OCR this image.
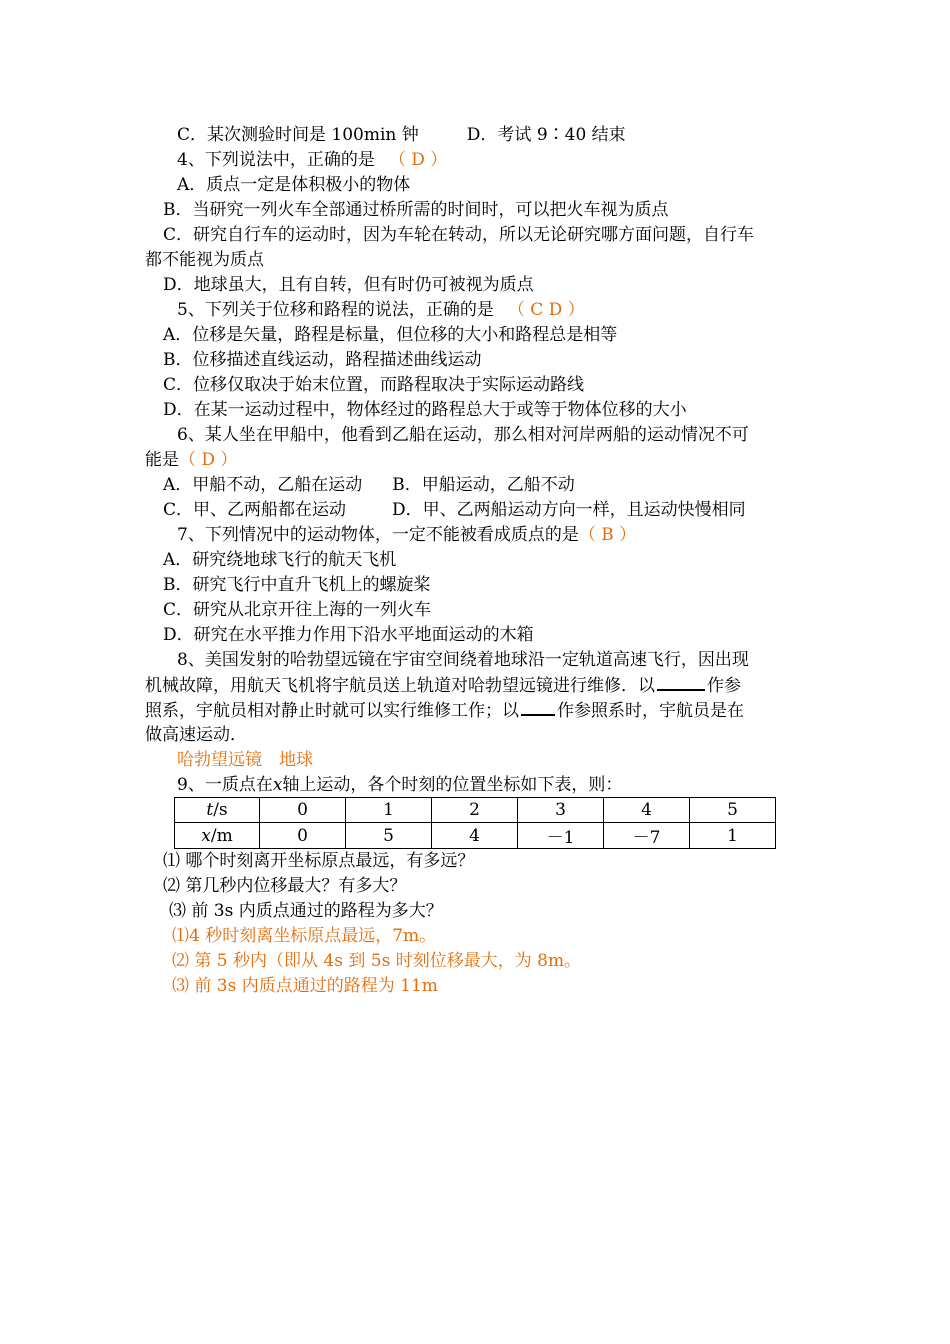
C．某次测验时间是 100min 钟	D．考试 9∶40 结束
4、下列说法中，正确的是 （ D ）
A．质点一定是体积极小的物体
B．当研究一列火车全部通过桥所需的时间时，可以把火车视为质点
C．研究自行车的运动时，因为车轮在转动，所以无论研究哪方面问题，自行车
都不能视为质点
D．地球虽大，且有自转，但有时仍可被视为质点
5、下列关于位移和路程的说法，正确的是 （ C D ）
A．位移是矢量，路程是标量，但位移的大小和路程总是相等
B．位移描述直线运动，路程描述曲线运动
C．位移仅取决于始末位置，而路程取决于实际运动路线
D．在某一运动过程中，物体经过的路程总大于或等于物体位移的大小
6、某人坐在甲船中，他看到乙船在运动，那么相对河岸两船的运动情况不可
能是（ D ）
A．甲船不动，乙船在运动 B．甲船运动，乙船不动
C．甲、乙两船都在运动	D．甲、乙两船运动方向一样，且运动快慢相同
7、下列情况中的运动物体，一定不能被看成质点的是（ B ）
A．研究绕地球飞行的航天飞机
B．研究飞行中直升飞机上的螺旋桨
C．研究从北京开往上海的一列火车
D．研究在水平推力作用下沿水平地面运动的木箱
8、美国发射的哈勃望远镜在宇宙空间绕着地球沿一定轨道高速飞行，因出现
机械故障，用航天飞机将宇航员送上轨道对哈勃望远镜进行维修．以	作参
照系，宇航员相对静止时就可以实行维修工作；以 作参照系时，宇航员是在
做高速运动．
哈勃望远镜　地球
9、一质点在x轴上运动，各个时刻的位置坐标如下表，则：
t/s	0	1	2	3	4	5
x/m	0	5	4	－1	－7	1
⑴ 哪个时刻离开坐标原点最远，有多远？
⑵ 第几秒内位移最大？有多大？
⑶ 前 3s 内质点通过的路程为多大？
⑴4 秒时刻离坐标原点最远，7m。
⑵ 第 5 秒内（即从 4s 到 5s 时刻位移最大，为 8m。
⑶ 前 3s 内质点通过的路程为 11m
